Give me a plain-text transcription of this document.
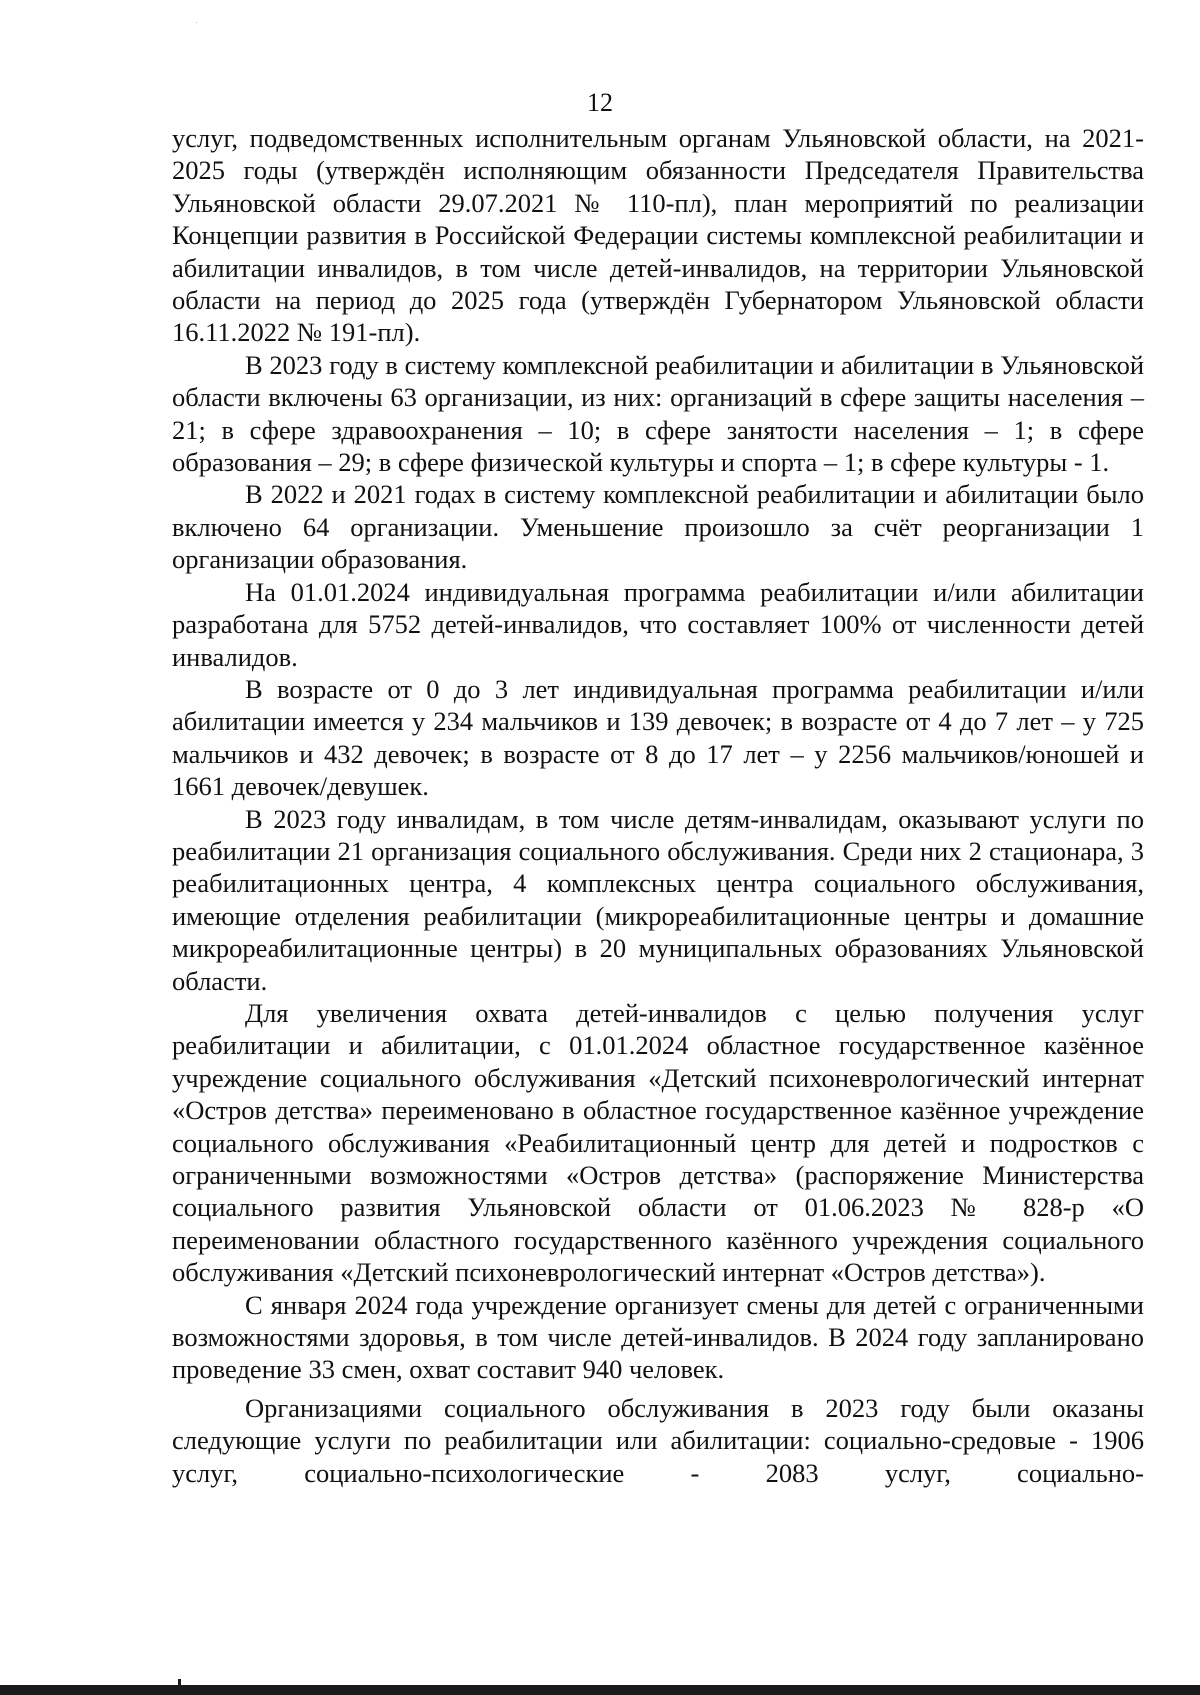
12

услуг, подведомственных исполнительным органам Ульяновской области, на 2021-2025 годы (утверждён исполняющим обязанности Председателя Правительства Ульяновской области 29.07.2021 № 110-пл), план мероприятий по реализации Концепции развития в Российской Федерации системы комплексной реабилитации и абилитации инвалидов, в том числе детей-инвалидов, на территории Ульяновской области на период до 2025 года (утверждён Губернатором Ульяновской области 16.11.2022 № 191-пл).

В 2023 году в систему комплексной реабилитации и абилитации в Ульяновской области включены 63 организации, из них: организаций в сфере защиты населения – 21; в сфере здравоохранения – 10; в сфере занятости населения – 1; в сфере образования – 29; в сфере физической культуры и спорта – 1; в сфере культуры - 1.

В 2022 и 2021 годах в систему комплексной реабилитации и абилитации было включено 64 организации. Уменьшение произошло за счёт реорганизации 1 организации образования.

На 01.01.2024 индивидуальная программа реабилитации и/или абилитации разработана для 5752 детей-инвалидов, что составляет 100% от численности детей инвалидов.

В возрасте от 0 до 3 лет индивидуальная программа реабилитации и/или абилитации имеется у 234 мальчиков и 139 девочек; в возрасте от 4 до 7 лет – у 725 мальчиков и 432 девочек; в возрасте от 8 до 17 лет – у 2256 мальчиков/юношей и 1661 девочек/девушек.

В 2023 году инвалидам, в том числе детям-инвалидам, оказывают услуги по реабилитации 21 организация социального обслуживания. Среди них 2 стационара, 3 реабилитационных центра, 4 комплексных центра социального обслуживания, имеющие отделения реабилитации (микрореабилитационные центры и домашние микрореабилитационные центры) в 20 муниципальных образованиях Ульяновской области.

Для увеличения охвата детей-инвалидов с целью получения услуг реабилитации и абилитации, с 01.01.2024 областное государственное казённое учреждение социального обслуживания «Детский психоневрологический интернат «Остров детства» переименовано в областное государственное казённое учреждение социального обслуживания «Реабилитационный центр для детей и подростков с ограниченными возможностями «Остров детства» (распоряжение Министерства социального развития Ульяновской области от 01.06.2023 № 828-р «О переименовании областного государственного казённого учреждения социального обслуживания «Детский психоневрологический интернат «Остров детства»).

С января 2024 года учреждение организует смены для детей с ограниченными возможностями здоровья, в том числе детей-инвалидов. В 2024 году запланировано проведение 33 смен, охват составит 940 человек.

Организациями социального обслуживания в 2023 году были оказаны следующие услуги по реабилитации или абилитации: социально-средовые - 1906 услуг, социально-психологические - 2083 услуг, социально-
